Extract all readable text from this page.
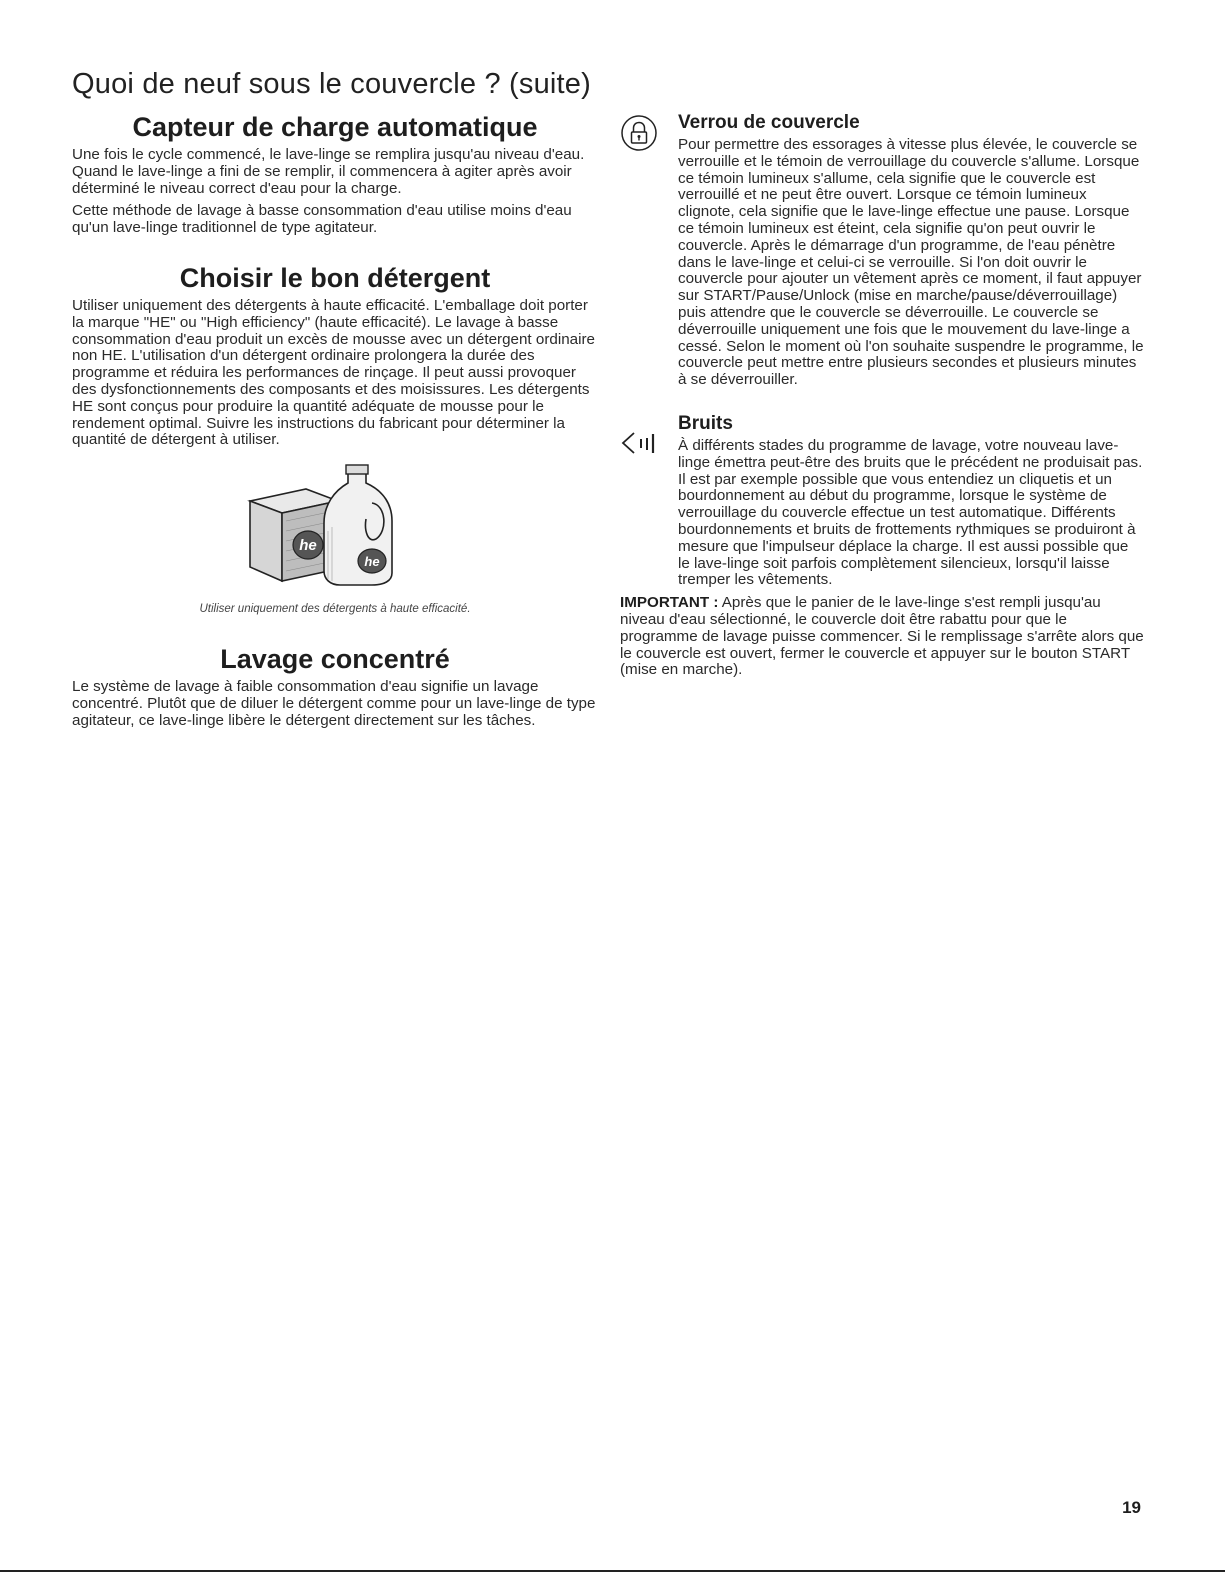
Quoi de neuf sous le couvercle ? (suite)
Capteur de charge automatique

Une fois le cycle commencé, le lave-linge se remplira jusqu'au niveau d'eau. Quand le lave-linge a fini de se remplir, il commencera à agiter après avoir déterminé le niveau correct d'eau pour la charge.

Cette méthode de lavage à basse consommation d'eau utilise moins d'eau qu'un lave-linge traditionnel de type agitateur.

Choisir le bon détergent

Utiliser uniquement des détergents à haute efficacité. L'emballage doit porter la marque "HE" ou "High efficiency" (haute efficacité). Le lavage à basse consommation d'eau produit un excès de mousse avec un détergent ordinaire non HE. L'utilisation d'un détergent ordinaire prolongera la durée des programme et réduira les performances de rinçage. Il peut aussi provoquer des dysfonctionnements des composants et des moisissures. Les détergents HE sont conçus pour produire la quantité adéquate de mousse pour le rendement optimal. Suivre les instructions du fabricant pour déterminer la quantité de détergent à utiliser.

he
he

Utiliser uniquement des détergents à haute efficacité.

Lavage concentré

Le système de lavage à faible consommation d'eau signifie un lavage concentré. Plutôt que de diluer le détergent comme pour un lave-linge de type agitateur, ce lave-linge libère le détergent directement sur les tâches.

Verrou de couvercle

Pour permettre des essorages à vitesse plus élevée, le couvercle se verrouille et le témoin de verrouillage du couvercle s'allume. Lorsque ce témoin lumineux s'allume, cela signifie que le couvercle est verrouillé et ne peut être ouvert. Lorsque ce témoin lumineux clignote, cela signifie que le lave-linge effectue une pause. Lorsque ce témoin lumineux est éteint, cela signifie qu'on peut ouvrir le couvercle. Après le démarrage d'un programme, de l'eau pénètre dans le lave-linge et celui-ci se verrouille. Si l'on doit ouvrir le couvercle pour ajouter un vêtement après ce moment, il faut appuyer sur START/Pause/Unlock (mise en marche/pause/déverrouillage) puis attendre que le couvercle se déverrouille. Le couvercle se déverrouille uniquement une fois que le mouvement du lave-linge a cessé. Selon le moment où l'on souhaite suspendre le programme, le couvercle peut mettre entre plusieurs secondes et plusieurs minutes à se déverrouiller.

Bruits

À différents stades du programme de lavage, votre nouveau lave-linge émettra peut-être des bruits que le précédent ne produisait pas. Il est par exemple possible que vous entendiez un cliquetis et un bourdonnement au début du programme, lorsque le système de verrouillage du couvercle effectue un test automatique. Différents bourdonnements et bruits de frottements rythmiques se produiront à mesure que l'impulseur déplace la charge. Il est aussi possible que le lave-linge soit parfois complètement silencieux, lorsqu'il laisse tremper les vêtements.

IMPORTANT : Après que le panier de le lave-linge s'est rempli jusqu'au niveau d'eau sélectionné, le couvercle doit être rabattu pour que le programme de lavage puisse commencer. Si le remplissage s'arrête alors que le couvercle est ouvert, fermer le couvercle et appuyer sur le bouton START (mise en marche).

19
